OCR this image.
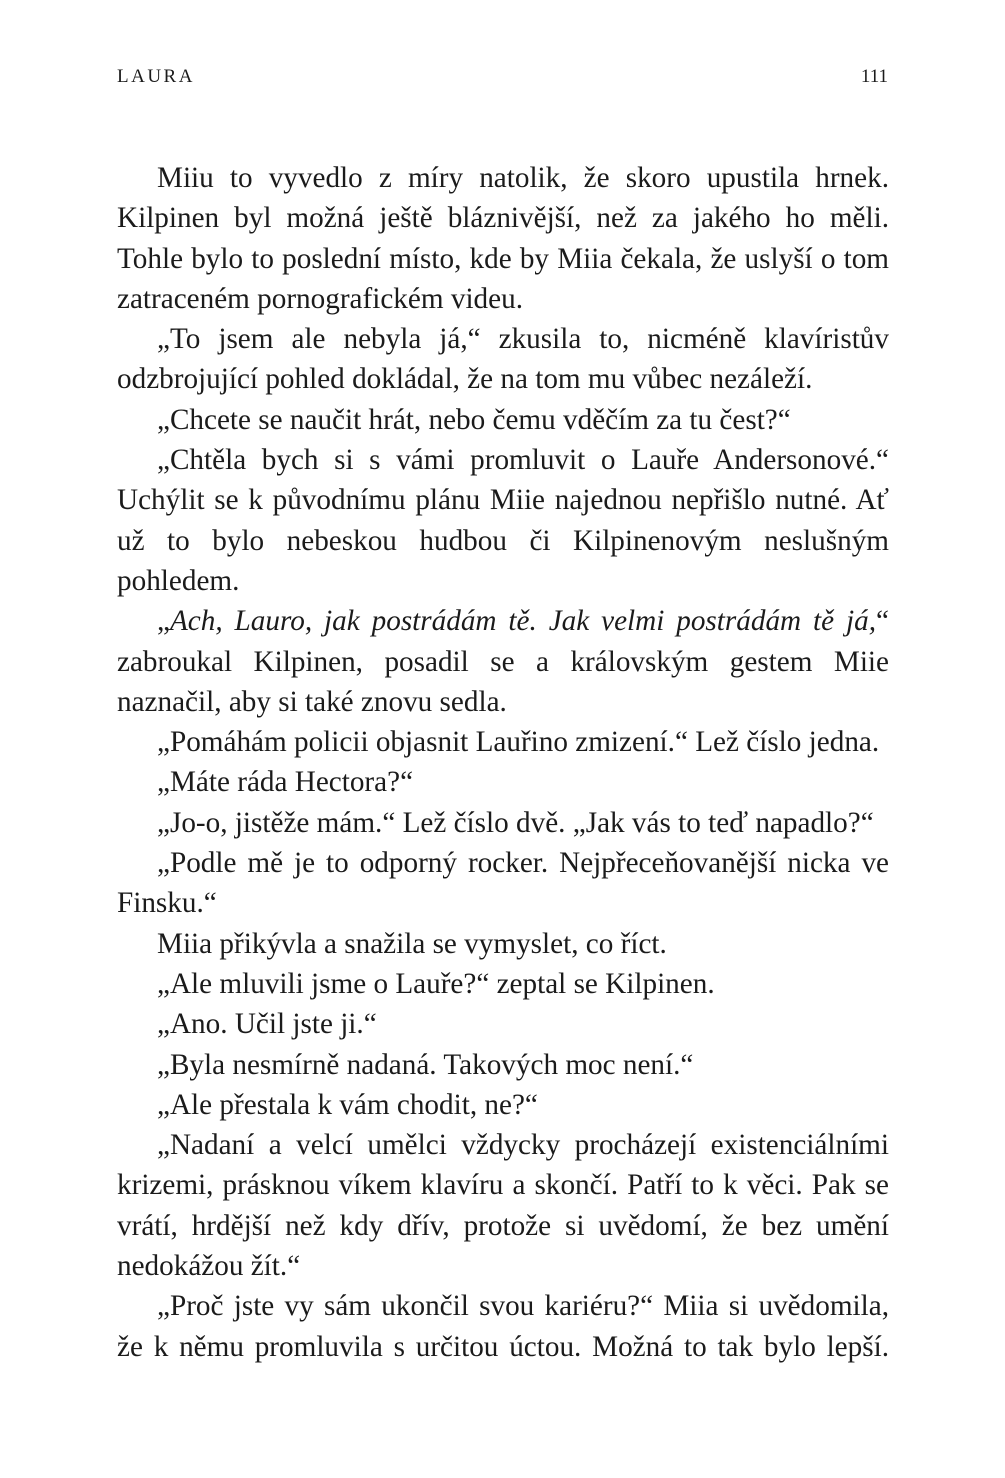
LAURA	111

Miiu to vyvedlo z míry natolik, že skoro upustila hrnek. Kilpinen byl možná ještě bláznivější, než za jakého ho měli. Tohle bylo to poslední místo, kde by Miia čekala, že uslyší o tom zatraceném pornografickém videu.

„To jsem ale nebyla já,“ zkusila to, nicméně klavíristův odzbrojující pohled dokládal, že na tom mu vůbec nezáleží.

„Chcete se naučit hrát, nebo čemu vděčím za tu čest?“

„Chtěla bych si s vámi promluvit o Lauře Andersonové.“ Uchýlit se k původnímu plánu Miie najednou nepřišlo nutné. Ať už to bylo nebeskou hudbou či Kilpinenovým neslušným pohledem.

„Ach, Lauro, jak postrádám tě. Jak velmi postrádám tě já,“ zabroukal Kilpinen, posadil se a královským gestem Miie naznačil, aby si také znovu sedla.

„Pomáhám policii objasnit Lauřino zmizení.“ Lež číslo jedna.

„Máte ráda Hectora?“

„Jo-o, jistěže mám.“ Lež číslo dvě. „Jak vás to teď napadlo?“

„Podle mě je to odporný rocker. Nejpřeceňovanější nicka ve Finsku.“

Miia přikývla a snažila se vymyslet, co říct.

„Ale mluvili jsme o Lauře?“ zeptal se Kilpinen.

„Ano. Učil jste ji.“

„Byla nesmírně nadaná. Takových moc není.“

„Ale přestala k vám chodit, ne?“

„Nadaní a velcí umělci vždycky procházejí existenciálními krizemi, prásknou víkem klavíru a skončí. Patří to k věci. Pak se vrátí, hrdější než kdy dřív, protože si uvědomí, že bez umění nedokážou žít.“

„Proč jste vy sám ukončil svou kariéru?“ Miia si uvědomila, že k němu promluvila s určitou úctou. Možná to tak bylo lepší.
